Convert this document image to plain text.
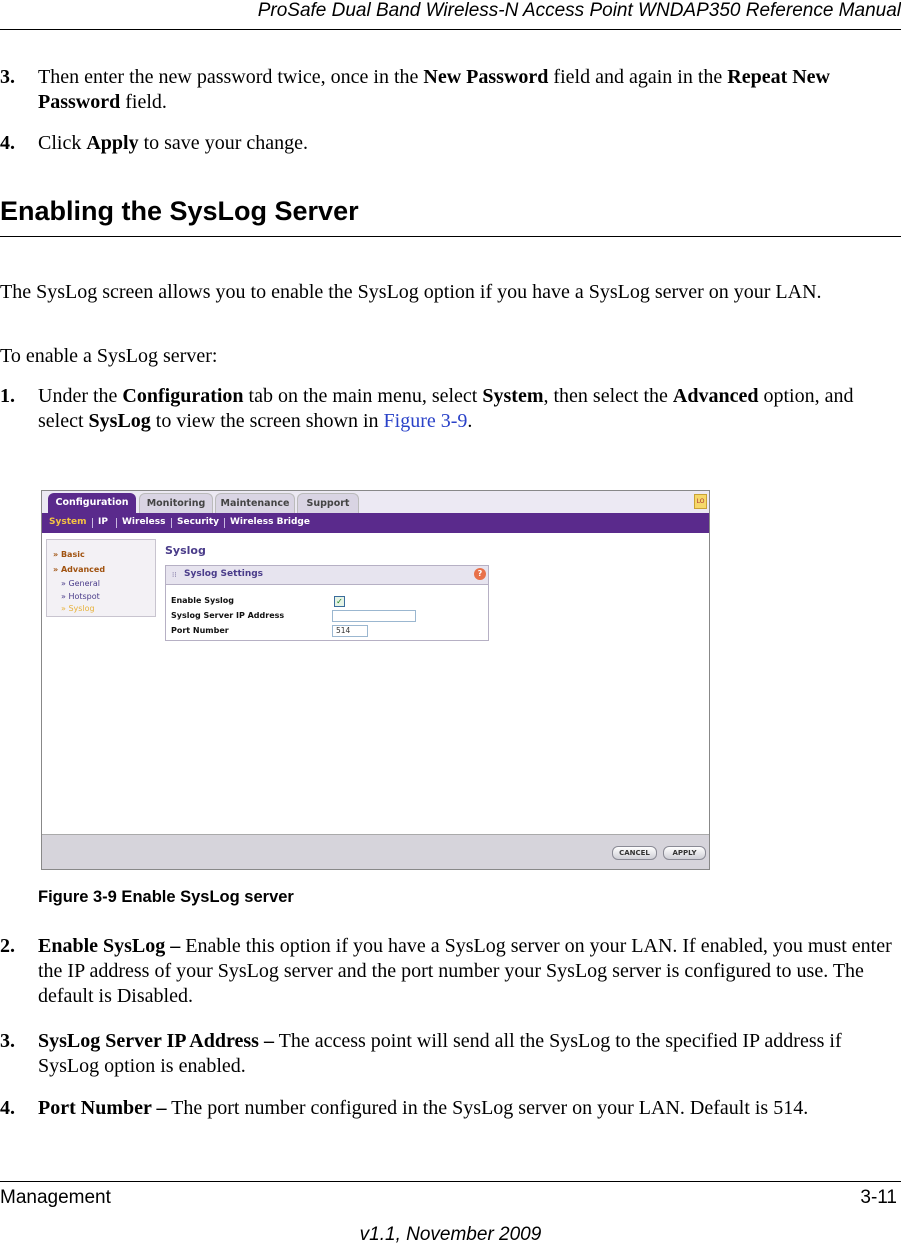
ProSafe Dual Band Wireless-N Access Point WNDAP350 Reference Manual
3. Then enter the new password twice, once in the New Password field and again in the Repeat New Password field.
4. Click Apply to save your change.
Enabling the SysLog Server
The SysLog screen allows you to enable the SysLog option if you have a SysLog server on your LAN.
To enable a SysLog server:
1. Under the Configuration tab on the main menu, select System, then select the Advanced option, and select SysLog to view the screen shown in Figure 3-9.
Configuration	Monitoring	Maintenance	Support	LO
System IP Wireless Security Wireless Bridge
» Basic
» Advanced
» General
» Hotspot
» Syslog
Syslog
⁞⁞ Syslog Settings	?
Enable Syslog	✓
Syslog Server IP Address
Port Number	514
CANCEL	APPLY
Figure 3-9 Enable SysLog server
2. Enable SysLog – Enable this option if you have a SysLog server on your LAN. If enabled, you must enter the IP address of your SysLog server and the port number your SysLog server is configured to use. The default is Disabled.
3. SysLog Server IP Address – The access point will send all the SysLog to the specified IP address if SysLog option is enabled.
4. Port Number – The port number configured in the SysLog server on your LAN. Default is 514.
Management	3-11
v1.1, November 2009
